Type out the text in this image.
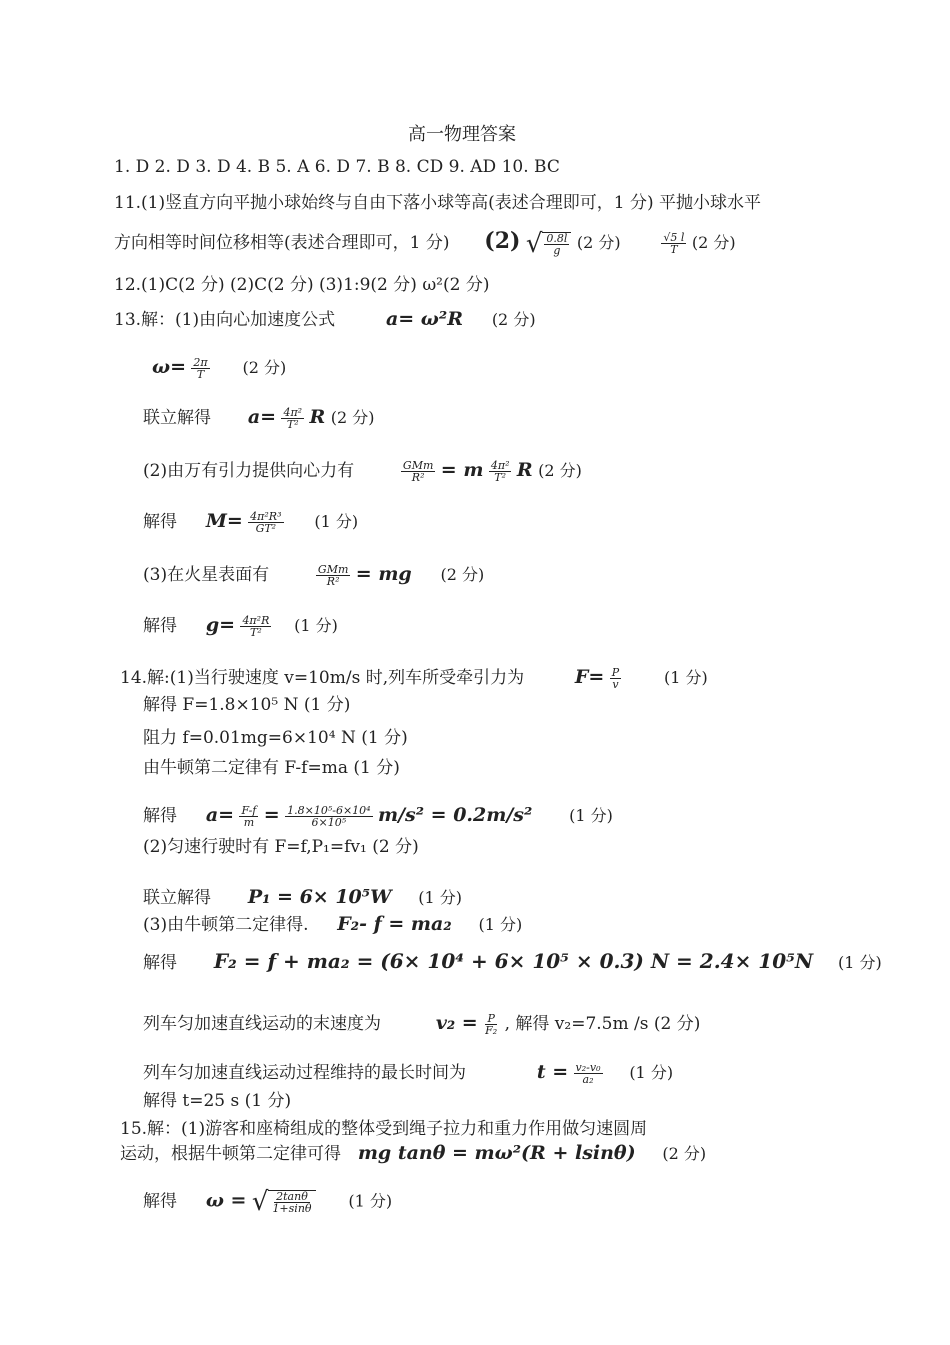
高一物理答案
1. D 2. D 3. D 4. B 5. A 6. D 7. B 8. CD 9. AD 10. BC
11.(1)竖直方向平抛小球始终与自由下落小球等高(表述合理即可，1 分) 平抛小球水平
方向相等时间位移相等(表述合理即可，1 分) (2) √ $\frac{0.8l}{g} (2$ 分)	$\frac{√5 l}{T} (2$ 分)
12.(1)C(2 分) (2)C(2 分) (3)1:9(2 分) ω²(2 分)
13.解：(1)由向心加速度公式	a= ω²R (2 分)
$\omega= \frac{2\pi}{T} (2$ 分)
联立解得 $a= \frac{\text{4π²}}{\text{T²}}$ R (2 分)
(2)由万有引力提供向心力有	GMm
R² = m $\frac{\text{4π²}}{\text{T²}}$ R (2 分)
解得 $M= \frac{\text{4π²R³}}{\text{GT²}} (1$ 分)
(3)在火星表面有	GMm
R² = mg (2 分)
解得 $g= \frac{\text{4π²R}}{\text{T²}} (1$ 分)
14.解:(1)当行驶速度 v=10m/s 时,列车所受牵引力为	$F= \frac{P}{v}$	(1 分)
解得 F=1.8×10⁵ N (1 分)
阻力 f=0.01mg=6×10⁴ N (1 分)
由牛顿第二定律有 F-f=ma (1 分)
解得 $a= \frac{F-f}{m} = \frac{\text{1.8×10⁵-6×10⁴}}{\text{6×10⁵}} m/s^2 = 0.2m/s^2$ (1 分)
(2)匀速行驶时有 F=f,P₁=fv₁ (2 分)
联立解得 P₁ = 6× 10⁵W (1 分)
(3)由牛顿第二定律得. F₂- f = ma₂ (1 分)
解得 F₂ = f + ma₂ = (6× 10⁴ + 6× 10⁵ × 0.3) N = 2.4× 10⁵N (1 分)
列车匀加速直线运动的末速度为	$v_2 = \frac{P}{\text{F₂}}$ , 解得 v₂=7.5m /s (2 分)
列车匀加速直线运动过程维持的最长时间为	$t = \frac{\text{v₂-v₀}}{\text{a₂}} (1$ 分)
解得 t=25 s (1 分)
15.解：(1)游客和座椅组成的整体受到绳子拉力和重力作用做匀速圆周
运动，根据牛顿第二定律可得 mg tanθ = mω²(R + lsinθ) (2 分)
解得 ω = √ $\frac{2\tan\theta}{1+\sin\theta} (1$ 分)
